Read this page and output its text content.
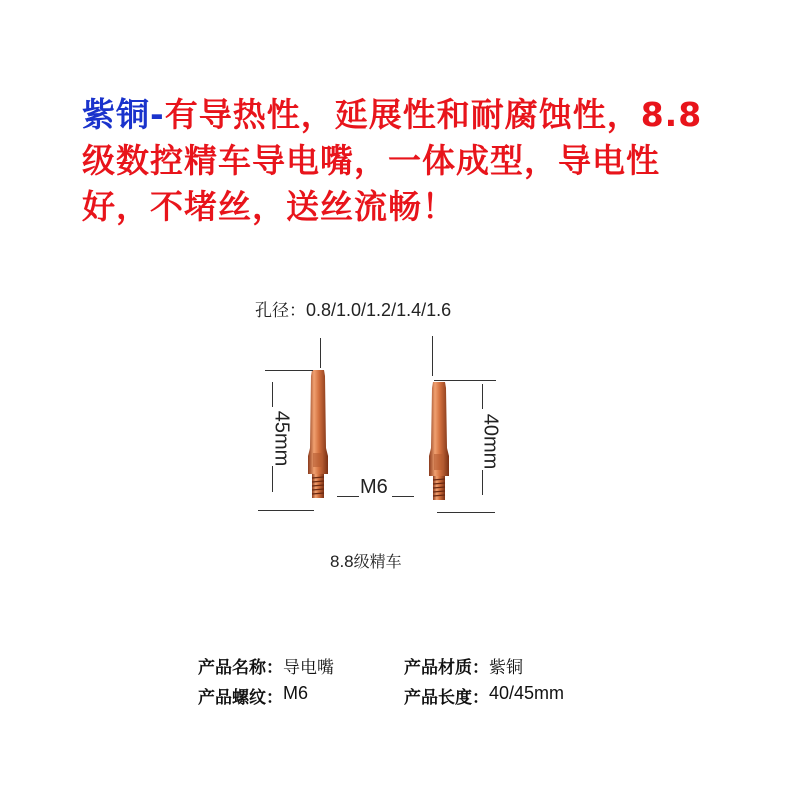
紫铜-有导热性，延展性和耐腐蚀性，8.8级数控精车导电嘴，一体成型，导电性好，不堵丝，送丝流畅！
孔径：0.8/1.0/1.2/1.4/1.6
45mm	40mm
M6
8.8级精车
产品名称： 导电嘴	产品材质： 紫铜
产品螺纹： M6	产品长度： 40/45mm
